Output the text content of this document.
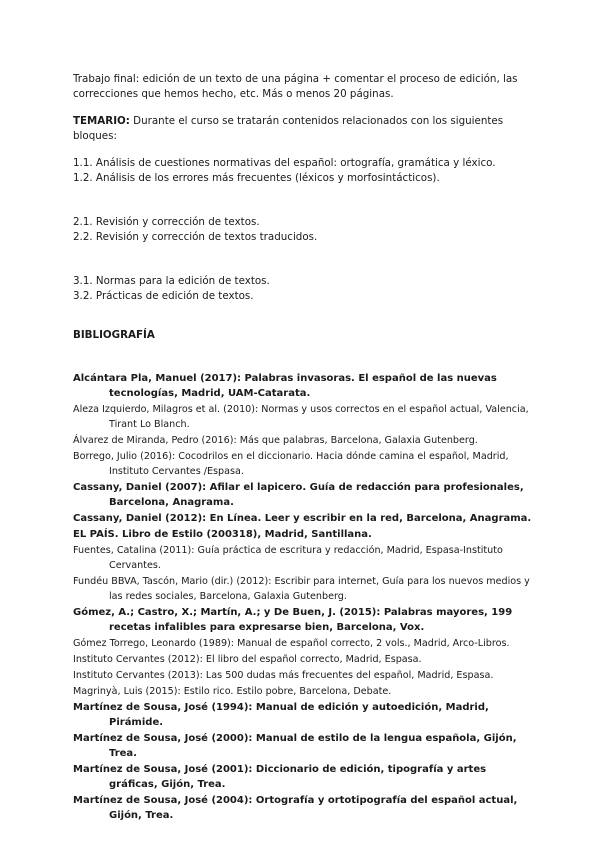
Trabajo final: edición de un texto de una página + comentar el proceso de edición, las correcciones que hemos hecho, etc. Más o menos 20 páginas.

TEMARIO: Durante el curso se tratarán contenidos relacionados con los siguientes bloques:

1.1. Análisis de cuestiones normativas del español: ortografía, gramática y léxico.

1.2. Análisis de los errores más frecuentes (léxicos y morfosintácticos).

2.1. Revisión y corrección de textos.

2.2. Revisión y corrección de textos traducidos.

3.1. Normas para la edición de textos.

3.2. Prácticas de edición de textos.

BIBLIOGRAFÍA

Alcántara Pla, Manuel (2017): Palabras invasoras. El español de las nuevas tecnologías, Madrid, UAM-Catarata.

Aleza Izquierdo, Milagros et al. (2010): Normas y usos correctos en el español actual, Valencia, Tirant Lo Blanch.

Álvarez de Miranda, Pedro (2016): Más que palabras, Barcelona, Galaxia Gutenberg.

Borrego, Julio (2016): Cocodrilos en el diccionario. Hacia dónde camina el español, Madrid, Instituto Cervantes /Espasa.

Cassany, Daniel (2007): Afilar el lapicero. Guía de redacción para profesionales, Barcelona, Anagrama.

Cassany, Daniel (2012): En Línea. Leer y escribir en la red, Barcelona, Anagrama.

EL PAÍS. Libro de Estilo (200318), Madrid, Santillana.

Fuentes, Catalina (2011): Guía práctica de escritura y redacción, Madrid, Espasa-Instituto Cervantes.

Fundéu BBVA, Tascón, Mario (dir.) (2012): Escribir para internet, Guía para los nuevos medios y las redes sociales, Barcelona, Galaxia Gutenberg.

Gómez, A.; Castro, X.; Martín, A.; y De Buen, J. (2015): Palabras mayores, 199 recetas infalibles para expresarse bien, Barcelona, Vox.

Gómez Torrego, Leonardo (1989): Manual de español correcto, 2 vols., Madrid, Arco-Libros.

Instituto Cervantes (2012): El libro del español correcto, Madrid, Espasa.

Instituto Cervantes (2013): Las 500 dudas más frecuentes del español, Madrid, Espasa.

Magrinyà, Luis (2015): Estilo rico. Estilo pobre, Barcelona, Debate.

Martínez de Sousa, José (1994): Manual de edición y autoedición, Madrid, Pirámide.

Martínez de Sousa, José (2000): Manual de estilo de la lengua española, Gijón, Trea.

Martínez de Sousa, José (2001): Diccionario de edición, tipografía y artes gráficas, Gijón, Trea.

Martínez de Sousa, José (2004): Ortografía y ortotipografía del español actual, Gijón, Trea.
